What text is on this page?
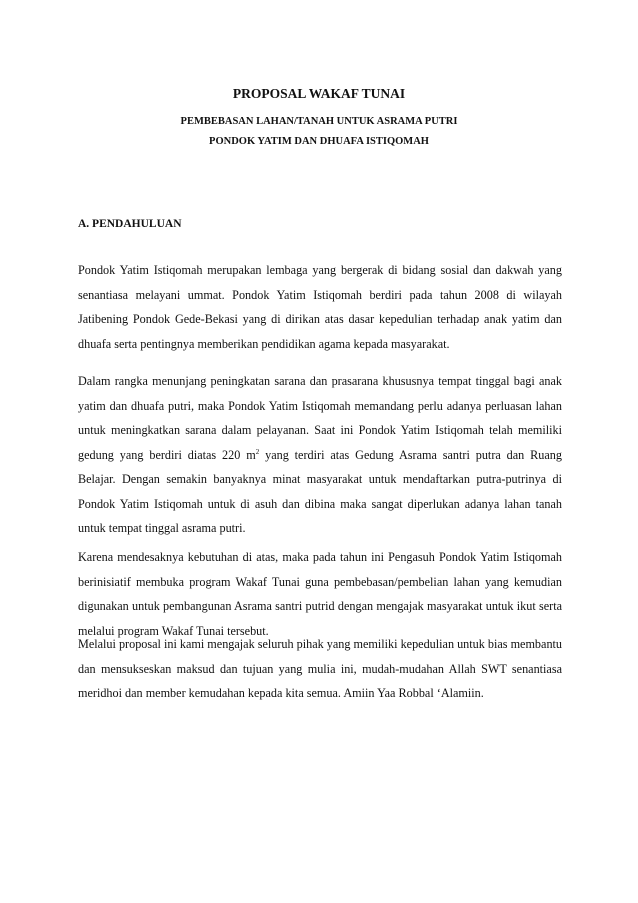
PROPOSAL WAKAF TUNAI
PEMBEBASAN LAHAN/TANAH UNTUK ASRAMA PUTRI
PONDOK YATIM DAN DHUAFA ISTIQOMAH
A. PENDAHULUAN

Pondok Yatim Istiqomah merupakan lembaga yang bergerak di bidang sosial dan dakwah yang senantiasa melayani ummat. Pondok Yatim Istiqomah berdiri pada tahun 2008 di wilayah Jatibening Pondok Gede-Bekasi yang di dirikan atas dasar kepedulian terhadap anak yatim dan dhuafa serta pentingnya memberikan pendidikan agama kepada masyarakat.

Dalam rangka menunjang peningkatan sarana dan prasarana khususnya tempat tinggal bagi anak yatim dan dhuafa putri, maka Pondok Yatim Istiqomah memandang perlu adanya perluasan lahan untuk meningkatkan sarana dalam pelayanan. Saat ini Pondok Yatim Istiqomah telah memiliki gedung yang berdiri diatas 220 $m^2$ yang terdiri atas Gedung Asrama santri putra dan Ruang Belajar. Dengan semakin banyaknya minat masyarakat untuk mendaftarkan putra-putrinya di Pondok Yatim Istiqomah untuk di asuh dan dibina maka sangat diperlukan adanya lahan tanah untuk tempat tinggal asrama putri.

Karena mendesaknya kebutuhan di atas, maka pada tahun ini Pengasuh Pondok Yatim Istiqomah berinisiatif membuka program Wakaf Tunai guna pembebasan/pembelian lahan yang kemudian digunakan untuk pembangunan Asrama santri putrid dengan mengajak masyarakat untuk ikut serta melalui program Wakaf Tunai tersebut.

Melalui proposal ini kami mengajak seluruh pihak yang memiliki kepedulian untuk bias membantu dan mensukseskan maksud dan tujuan yang mulia ini, mudah-mudahan Allah SWT senantiasa meridhoi dan member kemudahan kepada kita semua. Amiin Yaa Robbal ‘Alamiin.
